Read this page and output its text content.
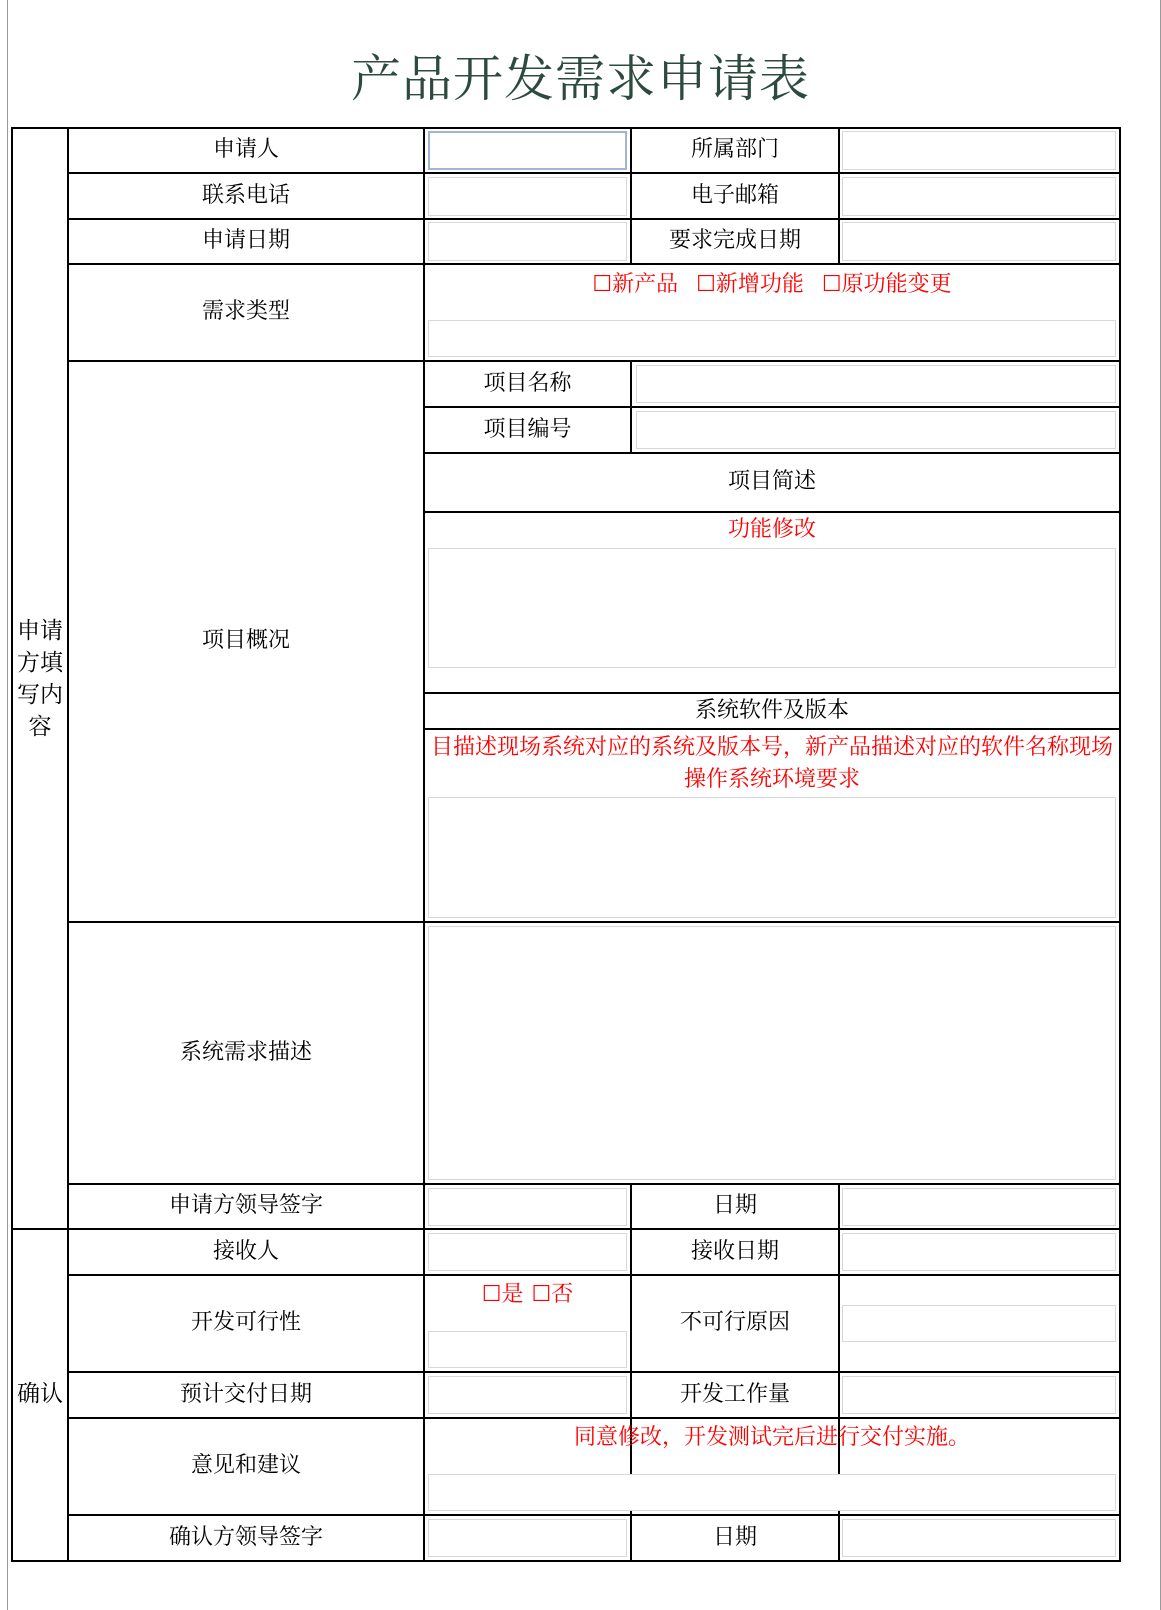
产品开发需求申请表
申请方填写内容
确认
申请人	所属部门
联系电话	电子邮箱
申请日期	要求完成日期
需求类型
☐新产品 ☐新增功能 ☐原功能变更
项目概况
项目名称
项目编号
项目简述
功能修改
系统软件及版本
目描述现场系统对应的系统及版本号，新产品描述对应的软件名称现场操作系统环境要求
系统需求描述
申请方领导签字	日期
接收人	接收日期
开发可行性
☐是 ☐否
不可行原因
预计交付日期	开发工作量
意见和建议
同意修改，开发测试完后进行交付实施。
确认方领导签字	日期
